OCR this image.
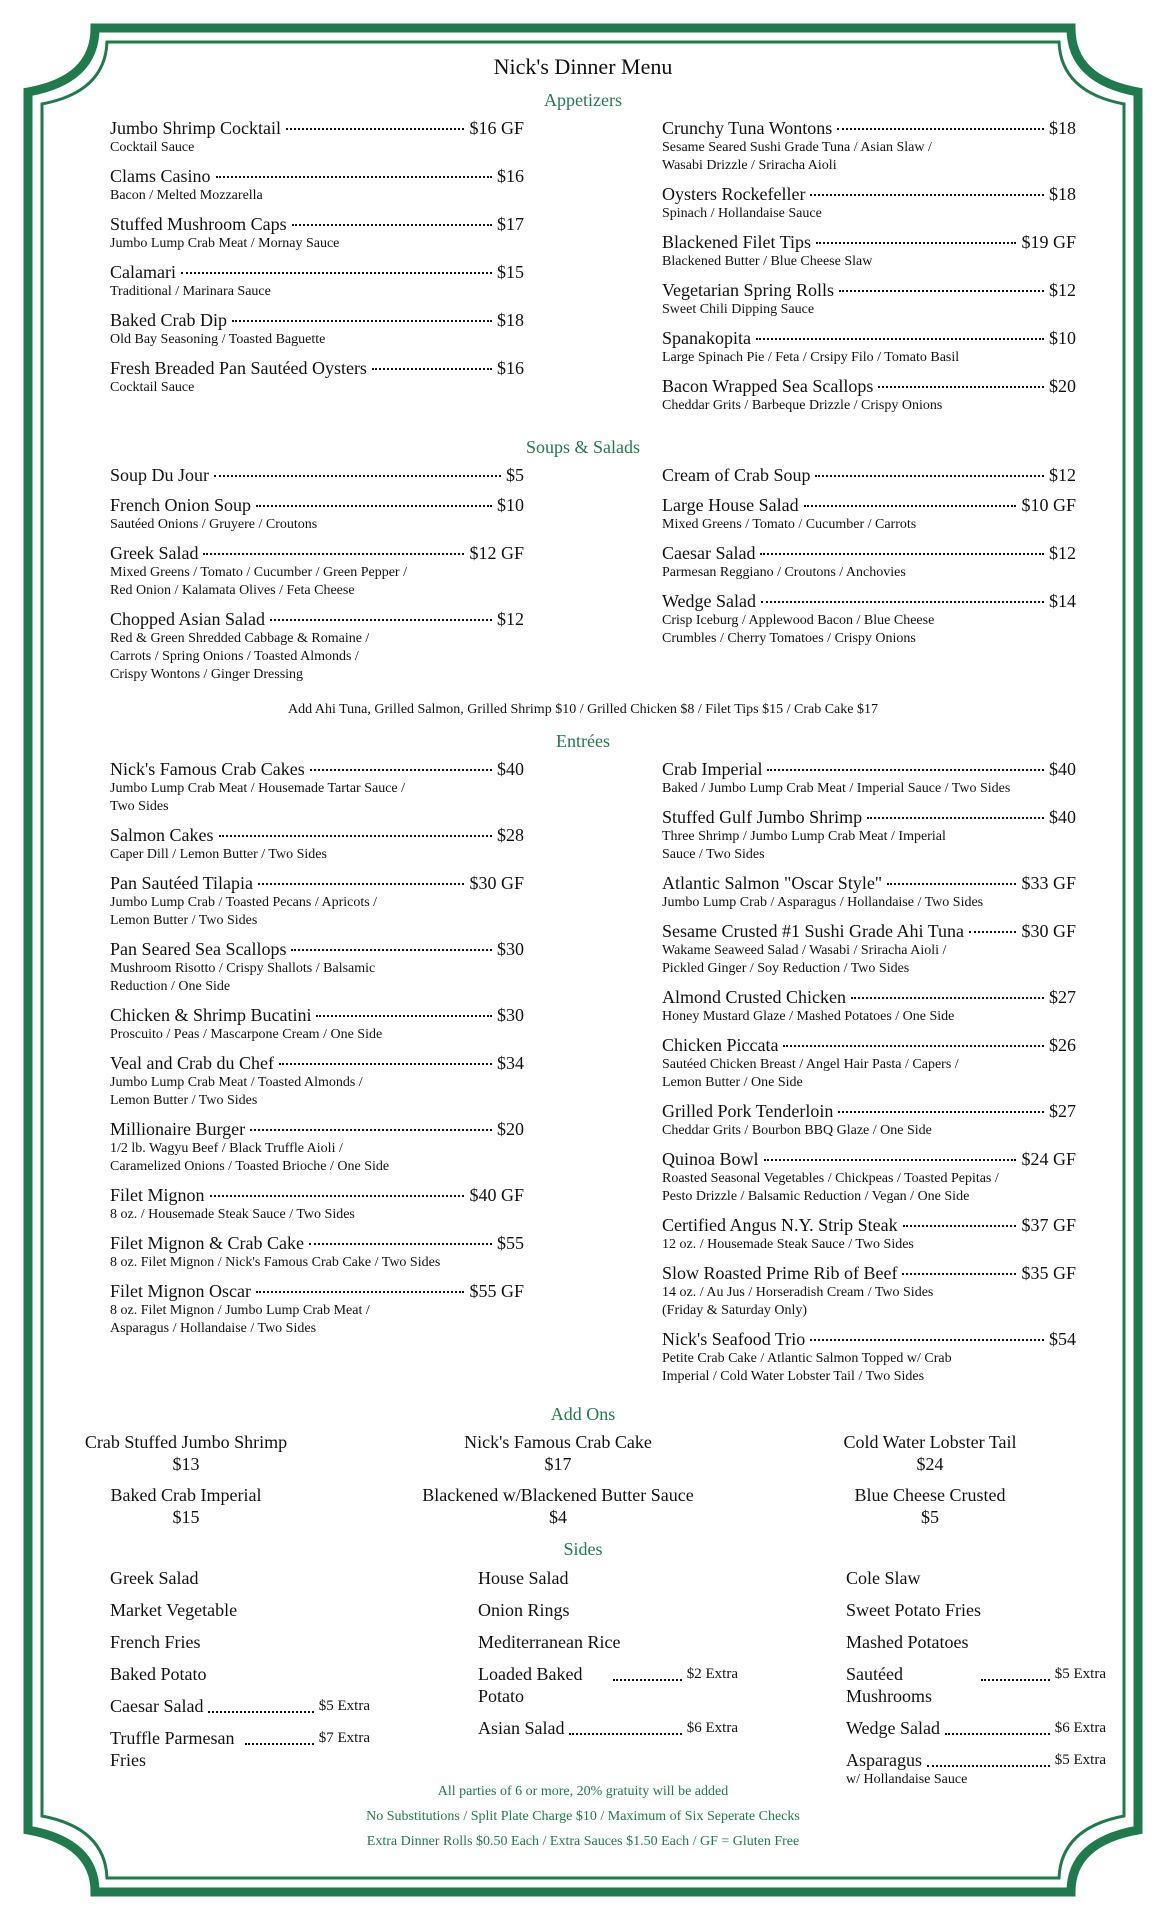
Nick's Dinner Menu
Appetizers
Jumbo Shrimp Cocktail	$16 GF
Cocktail Sauce
Clams Casino	$16
Bacon / Melted Mozzarella
Stuffed Mushroom Caps	$17
Jumbo Lump Crab Meat / Mornay Sauce
Calamari	$15
Traditional / Marinara Sauce
Baked Crab Dip	$18
Old Bay Seasoning / Toasted Baguette
Fresh Breaded Pan Sautéed Oysters	$16
Cocktail Sauce
Crunchy Tuna Wontons	$18
Sesame Seared Sushi Grade Tuna / Asian Slaw /
Wasabi Drizzle / Sriracha Aioli
Oysters Rockefeller	$18
Spinach / Hollandaise Sauce
Blackened Filet Tips	$19 GF
Blackened Butter / Blue Cheese Slaw
Vegetarian Spring Rolls	$12
Sweet Chili Dipping Sauce
Spanakopita	$10
Large Spinach Pie / Feta / Crsipy Filo / Tomato Basil
Bacon Wrapped Sea Scallops	$20
Cheddar Grits / Barbeque Drizzle / Crispy Onions
Soups & Salads
Soup Du Jour	$5
French Onion Soup	$10
Sautéed Onions / Gruyere / Croutons
Greek Salad	$12 GF
Mixed Greens / Tomato / Cucumber / Green Pepper /
Red Onion / Kalamata Olives / Feta Cheese
Chopped Asian Salad	$12
Red & Green Shredded Cabbage & Romaine /
Carrots / Spring Onions / Toasted Almonds /
Crispy Wontons / Ginger Dressing
Cream of Crab Soup	$12
Large House Salad	$10 GF
Mixed Greens / Tomato / Cucumber / Carrots
Caesar Salad	$12
Parmesan Reggiano / Croutons / Anchovies
Wedge Salad	$14
Crisp Iceburg / Applewood Bacon / Blue Cheese
Crumbles / Cherry Tomatoes / Crispy Onions
Add Ahi Tuna, Grilled Salmon, Grilled Shrimp $10 / Grilled Chicken $8 / Filet Tips $15 / Crab Cake $17
Entrées
Nick's Famous Crab Cakes	$40
Jumbo Lump Crab Meat / Housemade Tartar Sauce /
Two Sides
Salmon Cakes	$28
Caper Dill / Lemon Butter / Two Sides
Pan Sautéed Tilapia	$30 GF
Jumbo Lump Crab / Toasted Pecans / Apricots /
Lemon Butter / Two Sides
Pan Seared Sea Scallops	$30
Mushroom Risotto / Crispy Shallots / Balsamic
Reduction / One Side
Chicken & Shrimp Bucatini	$30
Proscuito / Peas / Mascarpone Cream / One Side
Veal and Crab du Chef	$34
Jumbo Lump Crab Meat / Toasted Almonds /
Lemon Butter / Two Sides
Millionaire Burger	$20
1/2 lb. Wagyu Beef / Black Truffle Aioli /
Caramelized Onions / Toasted Brioche / One Side
Filet Mignon	$40 GF
8 oz. / Housemade Steak Sauce / Two Sides
Filet Mignon & Crab Cake	$55
8 oz. Filet Mignon / Nick's Famous Crab Cake / Two Sides
Filet Mignon Oscar	$55 GF
8 oz. Filet Mignon / Jumbo Lump Crab Meat /
Asparagus / Hollandaise / Two Sides
Crab Imperial	$40
Baked / Jumbo Lump Crab Meat / Imperial Sauce / Two Sides
Stuffed Gulf Jumbo Shrimp	$40
Three Shrimp / Jumbo Lump Crab Meat / Imperial
Sauce / Two Sides
Atlantic Salmon "Oscar Style"	$33 GF
Jumbo Lump Crab / Asparagus / Hollandaise / Two Sides
Sesame Crusted #1 Sushi Grade Ahi Tuna	$30 GF
Wakame Seaweed Salad / Wasabi / Sriracha Aioli /
Pickled Ginger / Soy Reduction / Two Sides
Almond Crusted Chicken	$27
Honey Mustard Glaze / Mashed Potatoes / One Side
Chicken Piccata	$26
Sautéed Chicken Breast / Angel Hair Pasta / Capers /
Lemon Butter / One Side
Grilled Pork Tenderloin	$27
Cheddar Grits / Bourbon BBQ Glaze / One Side
Quinoa Bowl	$24 GF
Roasted Seasonal Vegetables / Chickpeas / Toasted Pepitas /
Pesto Drizzle / Balsamic Reduction / Vegan / One Side
Certified Angus N.Y. Strip Steak	$37 GF
12 oz. / Housemade Steak Sauce / Two Sides
Slow Roasted Prime Rib of Beef	$35 GF
14 oz. / Au Jus / Horseradish Cream / Two Sides
(Friday & Saturday Only)
Nick's Seafood Trio	$54
Petite Crab Cake / Atlantic Salmon Topped w/ Crab
Imperial / Cold Water Lobster Tail / Two Sides
Add Ons
Crab Stuffed Jumbo Shrimp
$13
Nick's Famous Crab Cake
$17
Cold Water Lobster Tail
$24
Baked Crab Imperial
$15
Blackened w/Blackened Butter Sauce
$4
Blue Cheese Crusted
$5
Sides
Greek Salad
Market Vegetable
French Fries
Baked Potato
Caesar Salad	$5 Extra
Truffle Parmesan Fries
$7 Extra
House Salad
Onion Rings
Mediterranean Rice
Loaded Baked Potato
$2 Extra
Asian Salad	$6 Extra
Cole Slaw
Sweet Potato Fries
Mashed Potatoes
Sautéed Mushrooms
$5 Extra
Wedge Salad	$6 Extra
Asparagus	$5 Extra
w/ Hollandaise Sauce
All parties of 6 or more, 20% gratuity will be added
No Substitutions / Split Plate Charge $10 / Maximum of Six Seperate Checks
Extra Dinner Rolls $0.50 Each / Extra Sauces $1.50 Each / GF = Gluten Free
